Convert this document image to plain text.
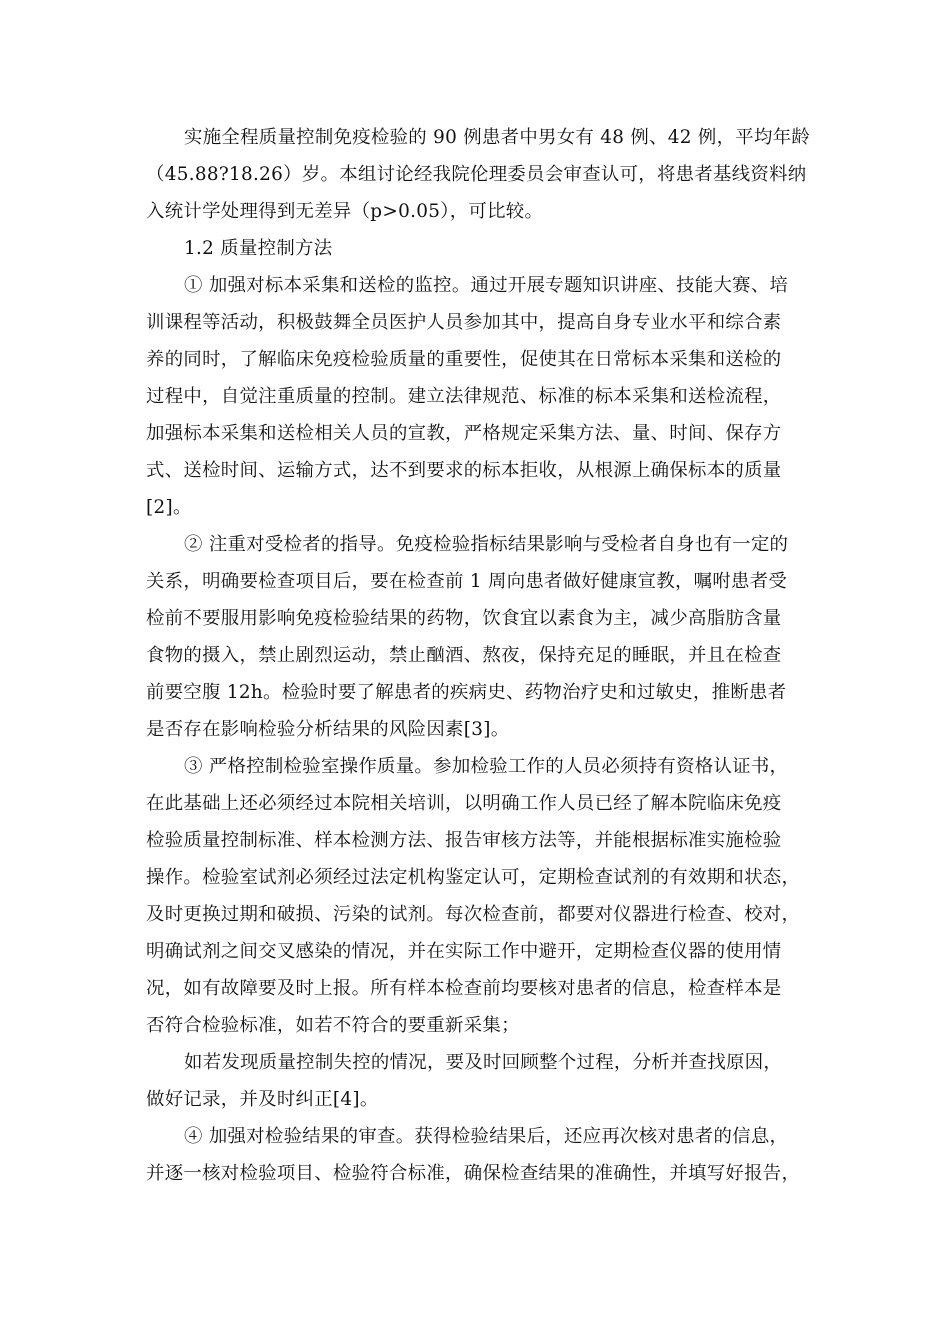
实施全程质量控制免疫检验的 90 例患者中男女有 48 例、42 例，平均年龄
（45.88?18.26）岁。本组讨论经我院伦理委员会审查认可，将患者基线资料纳
入统计学处理得到无差异（p>0.05），可比较。
1.2 质量控制方法
① 加强对标本采集和送检的监控。通过开展专题知识讲座、技能大赛、培
训课程等活动，积极鼓舞全员医护人员参加其中，提高自身专业水平和综合素
养的同时，了解临床免疫检验质量的重要性，促使其在日常标本采集和送检的
过程中，自觉注重质量的控制。建立法律规范、标准的标本采集和送检流程，
加强标本采集和送检相关人员的宣教，严格规定采集方法、量、时间、保存方
式、送检时间、运输方式，达不到要求的标本拒收，从根源上确保标本的质量
[2]。
② 注重对受检者的指导。免疫检验指标结果影响与受检者自身也有一定的
关系，明确要检查项目后，要在检查前 1 周向患者做好健康宣教，嘱咐患者受
检前不要服用影响免疫检验结果的药物，饮食宜以素食为主，减少高脂肪含量
食物的摄入，禁止剧烈运动，禁止酗酒、熬夜，保持充足的睡眠，并且在检查
前要空腹 12h。检验时要了解患者的疾病史、药物治疗史和过敏史，推断患者
是否存在影响检验分析结果的风险因素[3]。
③ 严格控制检验室操作质量。参加检验工作的人员必须持有资格认证书，
在此基础上还必须经过本院相关培训，以明确工作人员已经了解本院临床免疫
检验质量控制标准、样本检测方法、报告审核方法等，并能根据标准实施检验
操作。检验室试剂必须经过法定机构鉴定认可，定期检查试剂的有效期和状态，
及时更换过期和破损、污染的试剂。每次检查前，都要对仪器进行检查、校对，
明确试剂之间交叉感染的情况，并在实际工作中避开，定期检查仪器的使用情
况，如有故障要及时上报。所有样本检查前均要核对患者的信息，检查样本是
否符合检验标准，如若不符合的要重新采集；
如若发现质量控制失控的情况，要及时回顾整个过程，分析并查找原因，
做好记录，并及时纠正[4]。
④ 加强对检验结果的审查。获得检验结果后，还应再次核对患者的信息，
并逐一核对检验项目、检验符合标准，确保检查结果的准确性，并填写好报告，
